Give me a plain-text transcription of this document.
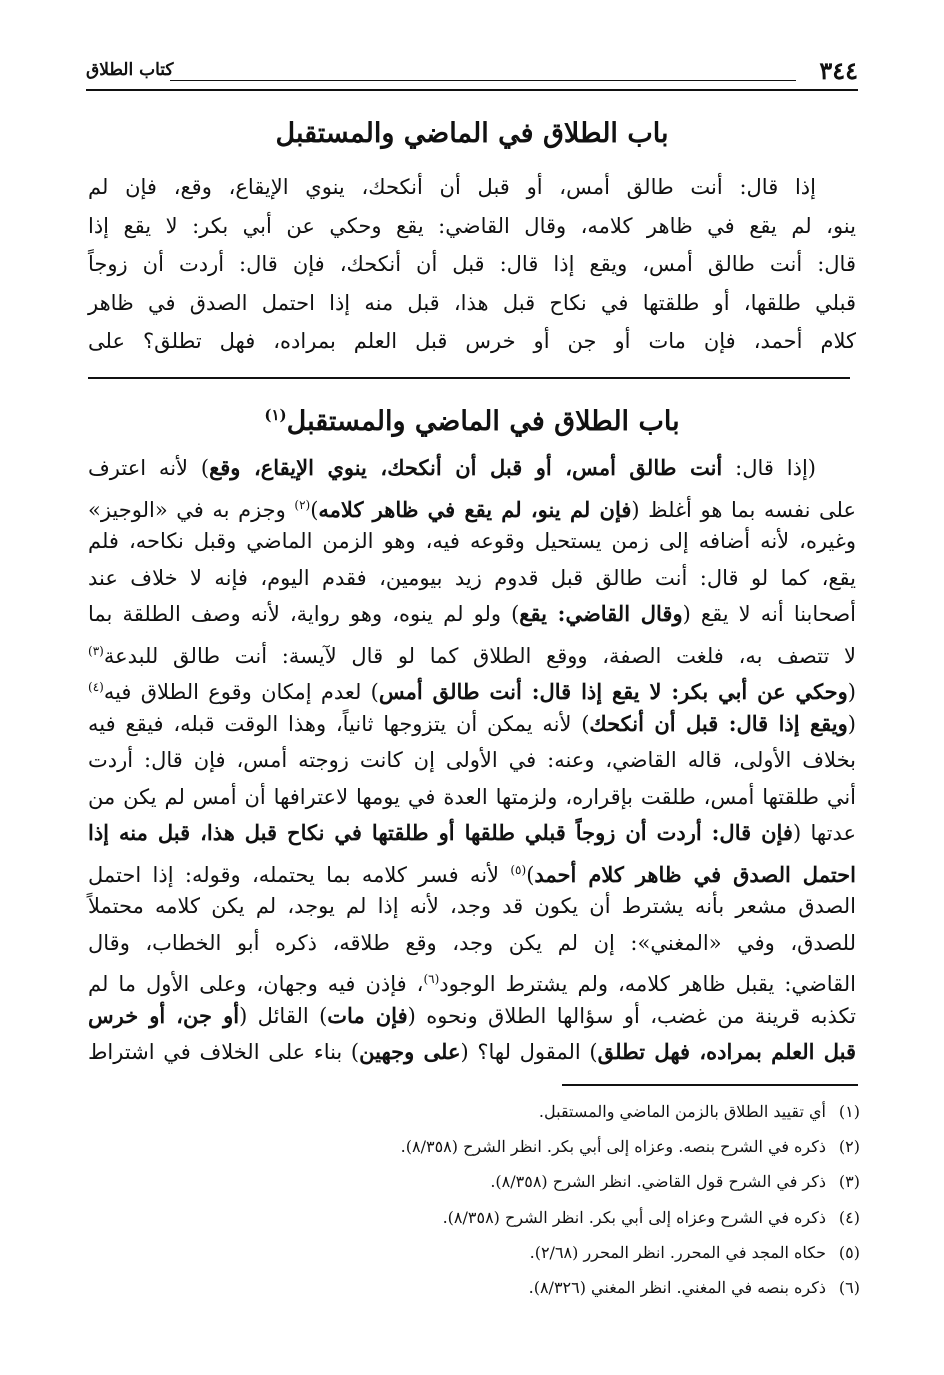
٣٤٤
كتاب الطلاق
باب الطلاق في الماضي والمستقبل
إذا قال: أنت طالق أمس، أو قبل أن أنكحك، ينوي الإيقاع، وقع، فإن لم
ينو، لم يقع في ظاهر كلامه، وقال القاضي: يقع وحكي عن أبي بكر: لا يقع إذا
قال: أنت طالق أمس، ويقع إذا قال: قبل أن أنكحك، فإن قال: أردت أن زوجاً
قبلي طلقها، أو طلقتها في نكاح قبل هذا، قبل منه إذا احتمل الصدق في ظاهر
كلام أحمد، فإن مات أو جن أو خرس قبل العلم بمراده، فهل تطلق؟ على
باب الطلاق في الماضي والمستقبل$^{(١)}$
(إذا قال: أنت طالق أمس، أو قبل أن أنكحك، ينوي الإيقاع، وقع) لأنه اعترف
على نفسه بما هو أغلظ (فإن لم ينو، لم يقع في ظاهر كلامه)$^{(٢)}$ وجزم به في «الوجيز»
وغيره، لأنه أضافه إلى زمن يستحيل وقوعه فيه، وهو الزمن الماضي وقبل نكاحه، فلم
يقع، كما لو قال: أنت طالق قبل قدوم زيد بيومين، فقدم اليوم، فإنه لا خلاف عند
أصحابنا أنه لا يقع (وقال القاضي: يقع) ولو لم ينوه، وهو رواية، لأنه وصف الطلقة بما
لا تتصف به، فلغت الصفة، ووقع الطلاق كما لو قال لآيسة: أنت طالق للبدعة$^{(٣)}$
(وحكي عن أبي بكر: لا يقع إذا قال: أنت طالق أمس) لعدم إمكان وقوع الطلاق فيه$^{(٤)}$
(ويقع إذا قال: قبل أن أنكحك) لأنه يمكن أن يتزوجها ثانياً، وهذا الوقت قبله، فيقع فيه
بخلاف الأولى، قاله القاضي، وعنه: في الأولى إن كانت زوجته أمس، فإن قال: أردت
أني طلقتها أمس، طلقت بإقراره، ولزمتها العدة في يومها لاعترافها أن أمس لم يكن من
عدتها (فإن قال: أردت أن زوجاً قبلي طلقها أو طلقتها في نكاح قبل هذا، قبل منه إذا
احتمل الصدق في ظاهر كلام أحمد)$^{(٥)}$ لأنه فسر كلامه بما يحتمله، وقوله: إذا احتمل
الصدق مشعر بأنه يشترط أن يكون قد وجد، لأنه إذا لم يوجد، لم يكن كلامه محتملاً
للصدق، وفي «المغني»: إن لم يكن وجد، وقع طلاقه، ذكره أبو الخطاب، وقال
القاضي: يقبل ظاهر كلامه، ولم يشترط الوجود$^{(٦)}$، فإذن فيه وجهان، وعلى الأول ما لم
تكذبه قرينة من غضب، أو سؤالها الطلاق ونحوه (فإن مات) القائل (أو جن، أو خرس
قبل العلم بمراده، فهل تطلق) المقول لها؟ (على وجهين) بناء على الخلاف في اشتراط
(١)أي تقييد الطلاق بالزمن الماضي والمستقبل.
(٢)ذكره في الشرح بنصه. وعزاه إلى أبي بكر. انظر الشرح (٨/٣٥٨).
(٣)ذكر في الشرح قول القاضي. انظر الشرح (٨/٣٥٨).
(٤)ذكره في الشرح وعزاه إلى أبي بكر. انظر الشرح (٨/٣٥٨).
(٥)حكاه المجد في المحرر. انظر المحرر (٢/٦٨).
(٦)ذكره بنصه في المغني. انظر المغني (٨/٣٢٦).
